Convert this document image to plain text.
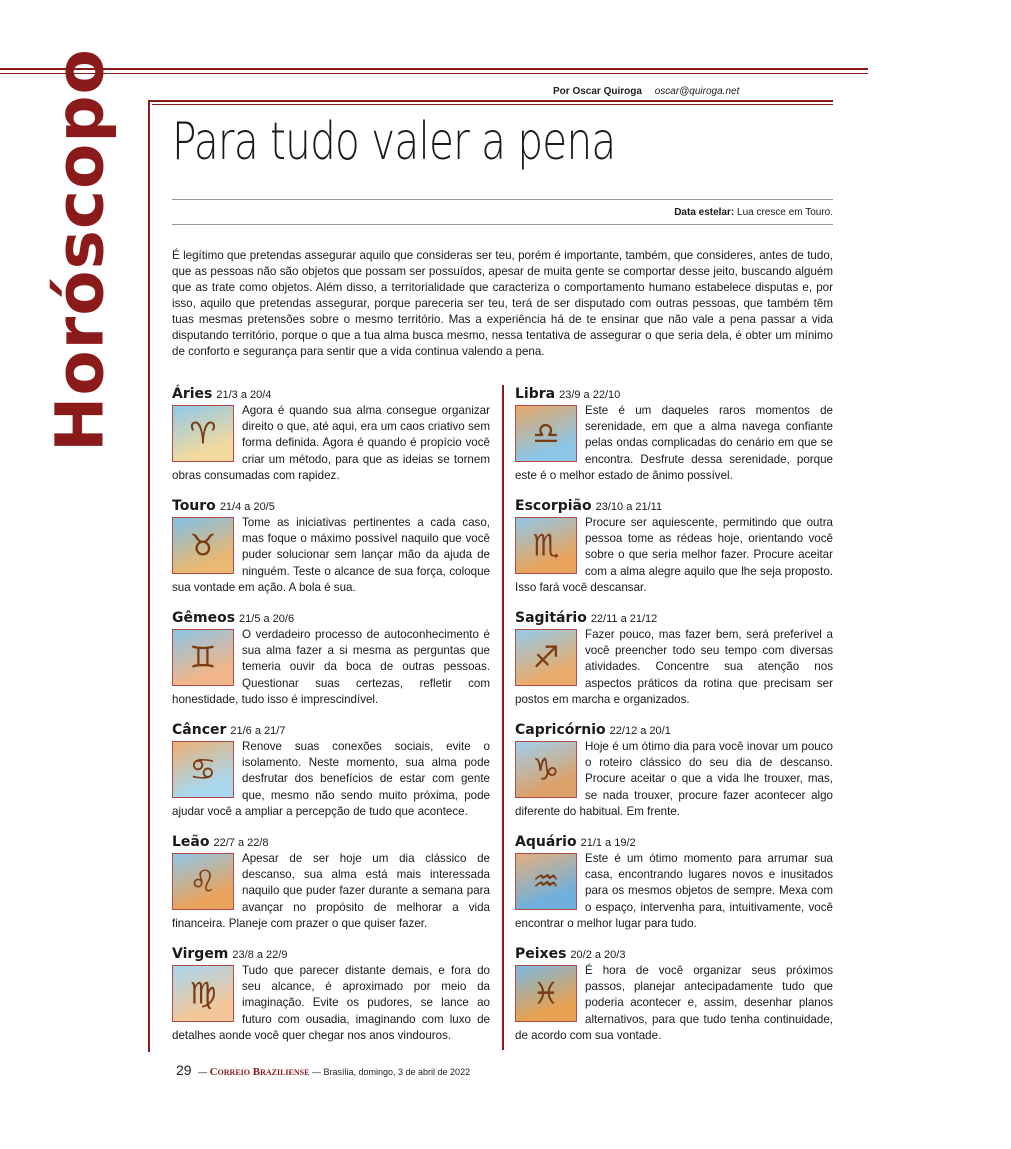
Horóscopo	Por Oscar Quiroga oscar@quiroga.net
Para tudo valer a pena
Data estelar: Lua cresce em Touro.
É legítimo que pretendas assegurar aquilo que consideras ser teu, porém é importante, também, que consideres, antes de tudo, que as pessoas não são objetos que possam ser possuídos, apesar de muita gente se comportar desse jeito, buscando alguém que as trate como objetos. Além disso, a territorialidade que caracteriza o comportamento humano estabelece disputas e, por isso, aquilo que pretendas assegurar, porque pareceria ser teu, terá de ser disputado com outras pessoas, que também têm tuas mesmas pretensões sobre o mesmo território. Mas a experiência há de te ensinar que não vale a pena passar a vida disputando território, porque o que a tua alma busca mesmo, nessa tentativa de assegurar o que seria dela, é obter um mínimo de conforto e segurança para sentir que a vida continua valendo a pena.
Áries 21/3 a 20/4
♈
Agora é quando sua alma consegue organizar direito o que, até aqui, era um caos criativo sem forma definida. Agora é quando é propício você criar um método, para que as ideias se tornem obras consumadas com rapidez.
Touro 21/4 a 20/5
♉
Tome as iniciativas pertinentes a cada caso, mas foque o máximo possível naquilo que você puder solucionar sem lançar mão da ajuda de ninguém. Teste o alcance de sua força, coloque sua vontade em ação. A bola é sua.
Gêmeos 21/5 a 20/6
♊
O verdadeiro processo de autoconhecimento é sua alma fazer a si mesma as perguntas que temeria ouvir da boca de outras pessoas. Questionar suas certezas, refletir com honestidade, tudo isso é imprescindível.
Câncer 21/6 a 21/7
♋
Renove suas conexões sociais, evite o isolamento. Neste momento, sua alma pode desfrutar dos benefícios de estar com gente que, mesmo não sendo muito próxima, pode ajudar você a ampliar a percepção de tudo que acontece.
Leão 22/7 a 22/8
♌
Apesar de ser hoje um dia clássico de descanso, sua alma está mais interessada naquilo que puder fazer durante a semana para avançar no propósito de melhorar a vida financeira. Planeje com prazer o que quiser fazer.
Virgem 23/8 a 22/9
♍
Tudo que parecer distante demais, e fora do seu alcance, é aproximado por meio da imaginação. Evite os pudores, se lance ao futuro com ousadia, imaginando com luxo de detalhes aonde você quer chegar nos anos vindouros.
Libra 23/9 a 22/10
♎
Este é um daqueles raros momentos de serenidade, em que a alma navega confiante pelas ondas complicadas do cenário em que se encontra. Desfrute dessa serenidade, porque este é o melhor estado de ânimo possível.
Escorpião 23/10 a 21/11
♏
Procure ser aquiescente, permitindo que outra pessoa tome as rédeas hoje, orientando você sobre o que seria melhor fazer. Procure aceitar com a alma alegre aquilo que lhe seja proposto. Isso fará você descansar.
Sagitário 22/11 a 21/12
♐
Fazer pouco, mas fazer bem, será preferível a você preencher todo seu tempo com diversas atividades. Concentre sua atenção nos aspectos práticos da rotina que precisam ser postos em marcha e organizados.
Capricórnio 22/12 a 20/1
♑
Hoje é um ótimo dia para você inovar um pouco o roteiro clássico do seu dia de descanso. Procure aceitar o que a vida lhe trouxer, mas, se nada trouxer, procure fazer acontecer algo diferente do habitual. Em frente.
Aquário 21/1 a 19/2
♒
Este é um ótimo momento para arrumar sua casa, encontrando lugares novos e inusitados para os mesmos objetos de sempre. Mexa com o espaço, intervenha para, intuitivamente, você encontrar o melhor lugar para tudo.
Peixes 20/2 a 20/3
♓
É hora de você organizar seus próximos passos, planejar antecipadamente tudo que poderia acontecer e, assim, desenhar planos alternativos, para que tudo tenha continuidade, de acordo com sua vontade.
29 — Correio Braziliense — Brasília, domingo, 3 de abril de 2022
